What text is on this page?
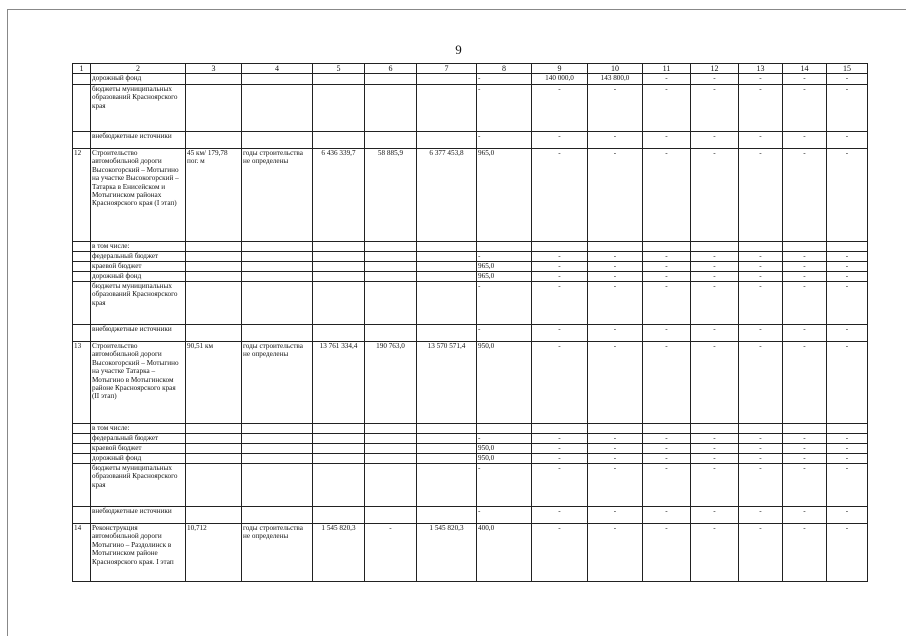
9
1	2	3	4	5	6	7	8	9	10	11	12	13	14	15
	дорожный фонд						-	140 000,0	143 800,0	-	-	-	-	-
	бюджеты муниципальных образований Красноярского края						-	-	-	-	-	-	-	-
	внебюджетные источники						-	-	-	-	-	-	-	-
12	Строительство автомобильной дороги Высокогорский – Мотыгино на участке Высокогорский – Татарка в Енисейском и Мотыгинском районах Красноярского края (I этап)	45 км/ 179,78 пог. м	годы строительства не определены	6 436 339,7	58 885,9	6 377 453,8	965,0	-	-	-	-	-	-	-
	в том числе:													
	федеральный бюджет						-	-	-	-	-	-	-	-
	краевой бюджет						965,0	-	-	-	-	-	-	-
	дорожный фонд						965,0	-	-	-	-	-	-	-
	бюджеты муниципальных образований Красноярского края						-	-	-	-	-	-	-	-
	внебюджетные источники						-	-	-	-	-	-	-	-
13	Строительство автомобильной дороги Высокогорский – Мотыгино на участке Татарка – Мотыгино в Мотыгинском районе Красноярского края (II этап)	90,51 км	годы строительства не определены	13 761 334,4	190 763,0	13 570 571,4	950,0	-	-	-	-	-	-	-
	в том числе:													
	федеральный бюджет						-	-	-	-	-	-	-	-
	краевой бюджет						950,0	-	-	-	-	-	-	-
	дорожный фонд						950,0	-	-	-	-	-	-	-
	бюджеты муниципальных образований Красноярского края						-	-	-	-	-	-	-	-
	внебюджетные источники						-	-	-	-	-	-	-	-
14	Реконструкция автомобильной дороги Мотыгино – Раздолинск в Мотыгинском районе Красноярского края. I этап	10,712	годы строительства не определены	1 545 820,3	-	1 545 820,3	400,0	-	-	-	-	-	-	-
